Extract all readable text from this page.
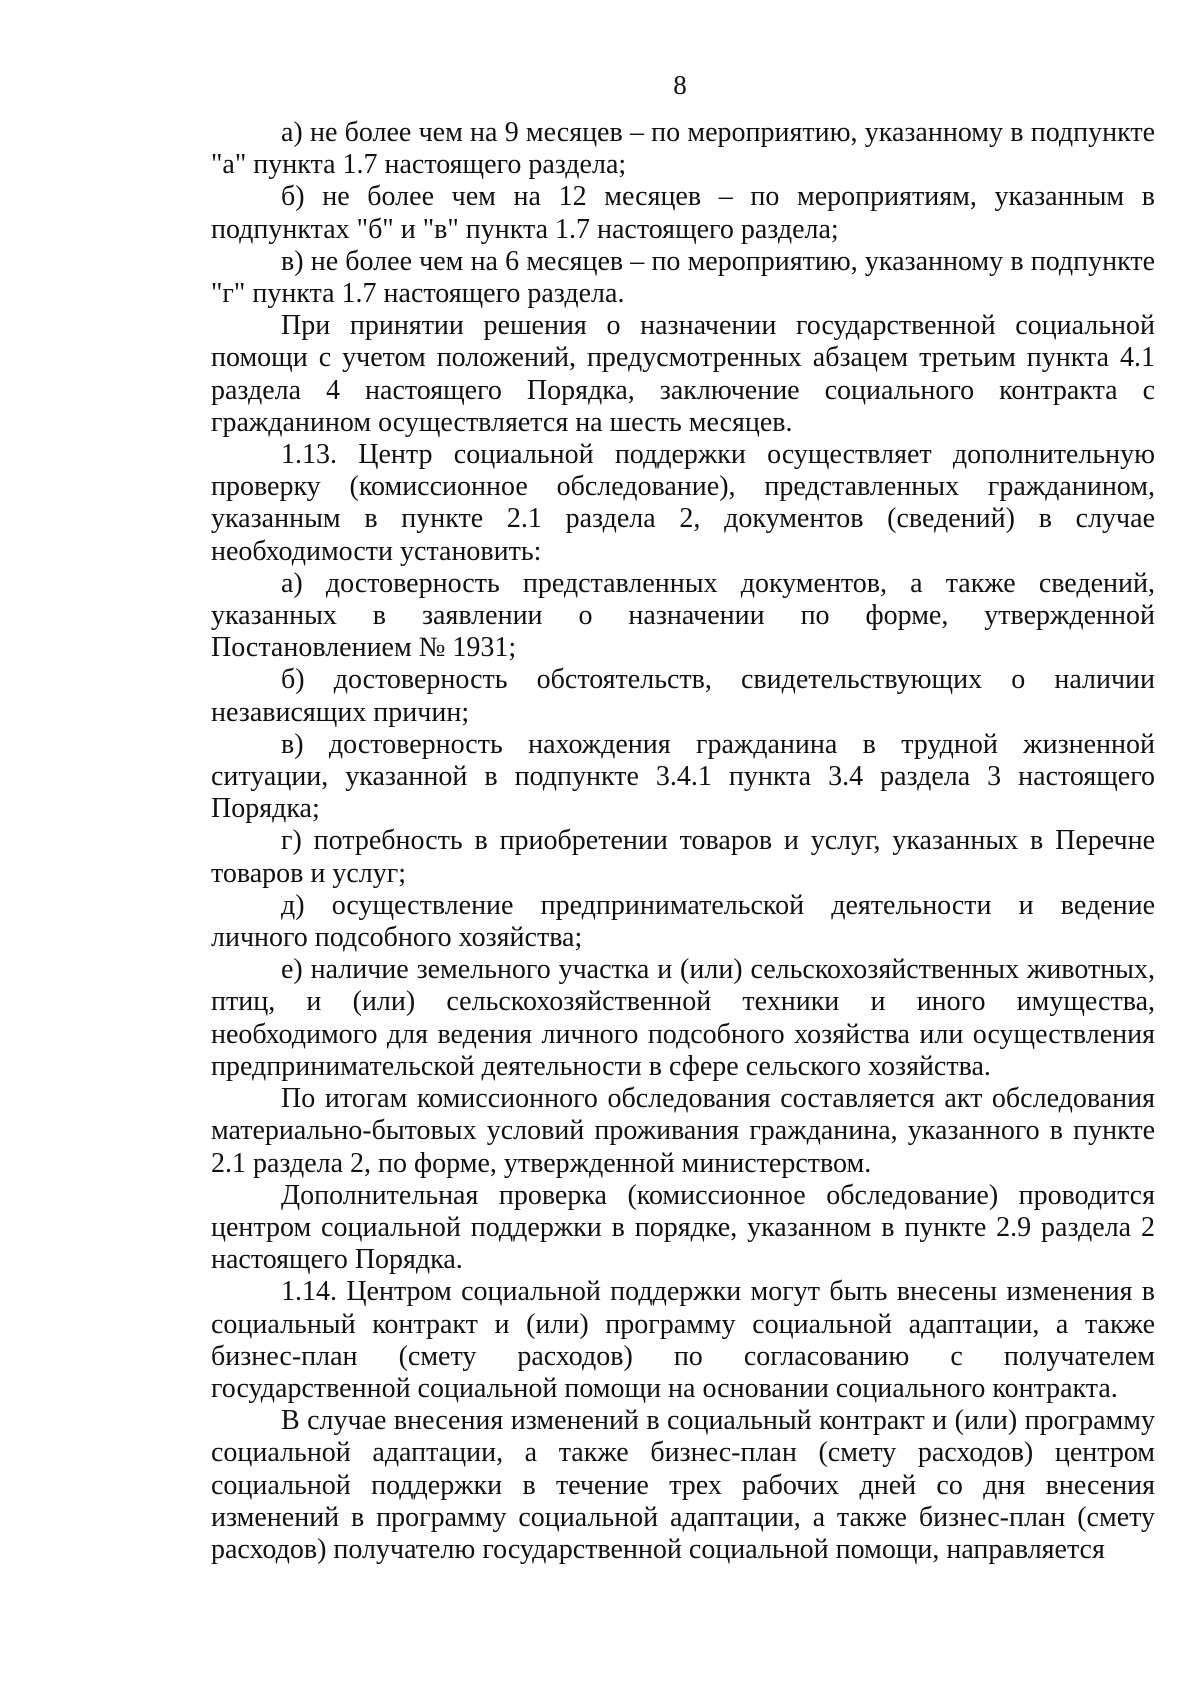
8

а) не более чем на 9 месяцев – по мероприятию, указанному в подпункте "а" пункта 1.7 настоящего раздела;

б) не более чем на 12 месяцев – по мероприятиям, указанным в подпунктах "б" и "в" пункта 1.7 настоящего раздела;

в) не более чем на 6 месяцев – по мероприятию, указанному в подпункте "г" пункта 1.7 настоящего раздела.

При принятии решения о назначении государственной социальной помощи с учетом положений, предусмотренных абзацем третьим пункта 4.1 раздела 4 настоящего Порядка, заключение социального контракта с гражданином осуществляется на шесть месяцев.

1.13. Центр социальной поддержки осуществляет дополнительную проверку (комиссионное обследование), представленных гражданином, указанным в пункте 2.1 раздела 2, документов (сведений) в случае необходимости установить:

а) достоверность представленных документов, а также сведений, указанных в заявлении о назначении по форме, утвержденной Постановлением № 1931;

б) достоверность обстоятельств, свидетельствующих о наличии независящих причин;

в) достоверность нахождения гражданина в трудной жизненной ситуации, указанной в подпункте 3.4.1 пункта 3.4 раздела 3 настоящего Порядка;

г) потребность в приобретении товаров и услуг, указанных в Перечне товаров и услуг;

д) осуществление предпринимательской деятельности и ведение личного подсобного хозяйства;

е) наличие земельного участка и (или) сельскохозяйственных животных, птиц, и (или) сельскохозяйственной техники и иного имущества, необходимого для ведения личного подсобного хозяйства или осуществления предпринимательской деятельности в сфере сельского хозяйства.

По итогам комиссионного обследования составляется акт обследования материально-бытовых условий проживания гражданина, указанного в пункте 2.1 раздела 2, по форме, утвержденной министерством.

Дополнительная проверка (комиссионное обследование) проводится центром социальной поддержки в порядке, указанном в пункте 2.9 раздела 2 настоящего Порядка.

1.14. Центром социальной поддержки могут быть внесены изменения в социальный контракт и (или) программу социальной адаптации, а также бизнес-план (смету расходов) по согласованию с получателем государственной социальной помощи на основании социального контракта.

В случае внесения изменений в социальный контракт и (или) программу социальной адаптации, а также бизнес-план (смету расходов) центром социальной поддержки в течение трех рабочих дней со дня внесения изменений в программу социальной адаптации, а также бизнес-план (смету расходов) получателю государственной социальной помощи, направляется
